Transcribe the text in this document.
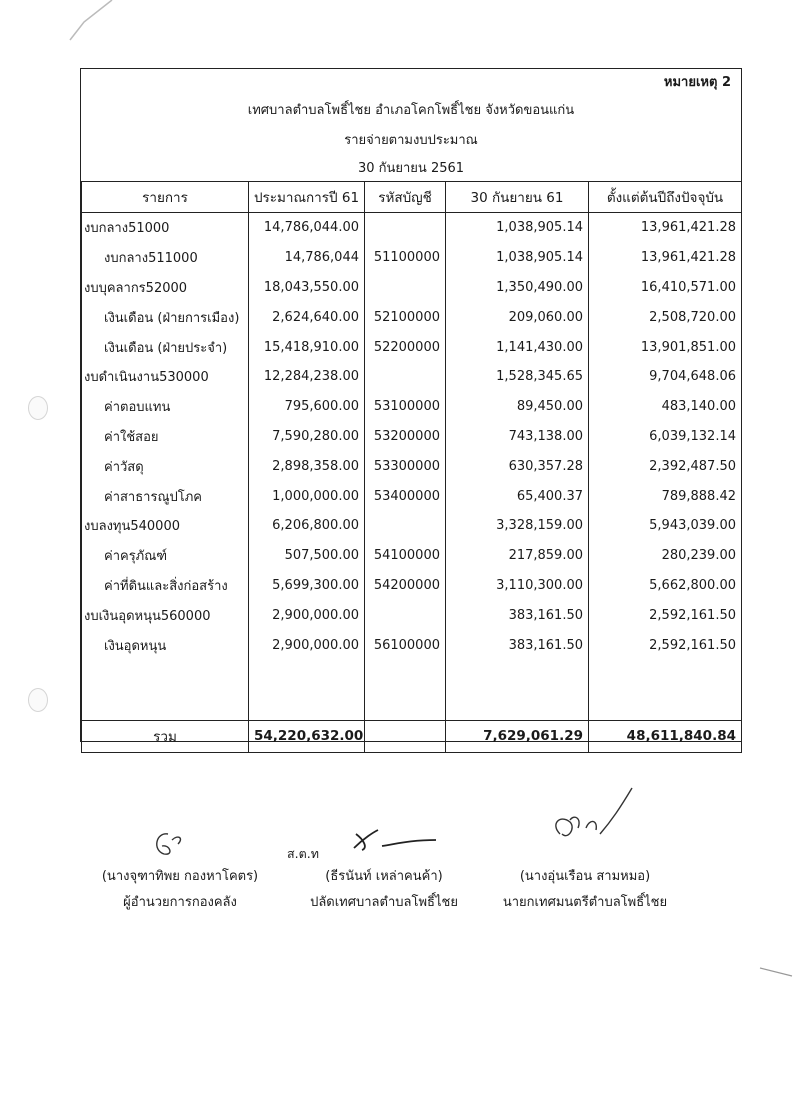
หมายเหตุ 2
เทศบาลตำบลโพธิ์ไชย อำเภอโคกโพธิ์ไชย จังหวัดขอนแก่น
รายจ่ายตามงบประมาณ
30 กันยายน 2561
รายการ	ประมาณการปี 61	รหัสบัญชี	30 กันยายน 61	ตั้งแต่ต้นปีถึงปัจจุบัน
งบกลาง51000	14,786,044.00		1,038,905.14	13,961,421.28
งบกลาง511000	14,786,044	51100000	1,038,905.14	13,961,421.28
งบบุคลากร52000	18,043,550.00		1,350,490.00	16,410,571.00
เงินเดือน (ฝ่ายการเมือง)	2,624,640.00	52100000	209,060.00	2,508,720.00
เงินเดือน (ฝ่ายประจำ)	15,418,910.00	52200000	1,141,430.00	13,901,851.00
งบดำเนินงาน530000	12,284,238.00		1,528,345.65	9,704,648.06
ค่าตอบแทน	795,600.00	53100000	89,450.00	483,140.00
ค่าใช้สอย	7,590,280.00	53200000	743,138.00	6,039,132.14
ค่าวัสดุ	2,898,358.00	53300000	630,357.28	2,392,487.50
ค่าสาธารณูปโภค	1,000,000.00	53400000	65,400.37	789,888.42
งบลงทุน540000	6,206,800.00		3,328,159.00	5,943,039.00
ค่าครุภัณฑ์	507,500.00	54100000	217,859.00	280,239.00
ค่าที่ดินและสิ่งก่อสร้าง	5,699,300.00	54200000	3,110,300.00	5,662,800.00
งบเงินอุดหนุน560000	2,900,000.00		383,161.50	2,592,161.50
เงินอุดหนุน	2,900,000.00	56100000	383,161.50	2,592,161.50

รวม	54,220,632.00		7,629,061.29	48,611,840.84
ส.ต.ท
(นางจุฑาทิพย กองหาโคตร)
ผู้อำนวยการกองคลัง
(ธีรนันท์ เหล่าคนค้า)
ปลัดเทศบาลตำบลโพธิ์ไชย
(นางอุ่นเรือน สามหมอ)
นายกเทศมนตรีตำบลโพธิ์ไชย
